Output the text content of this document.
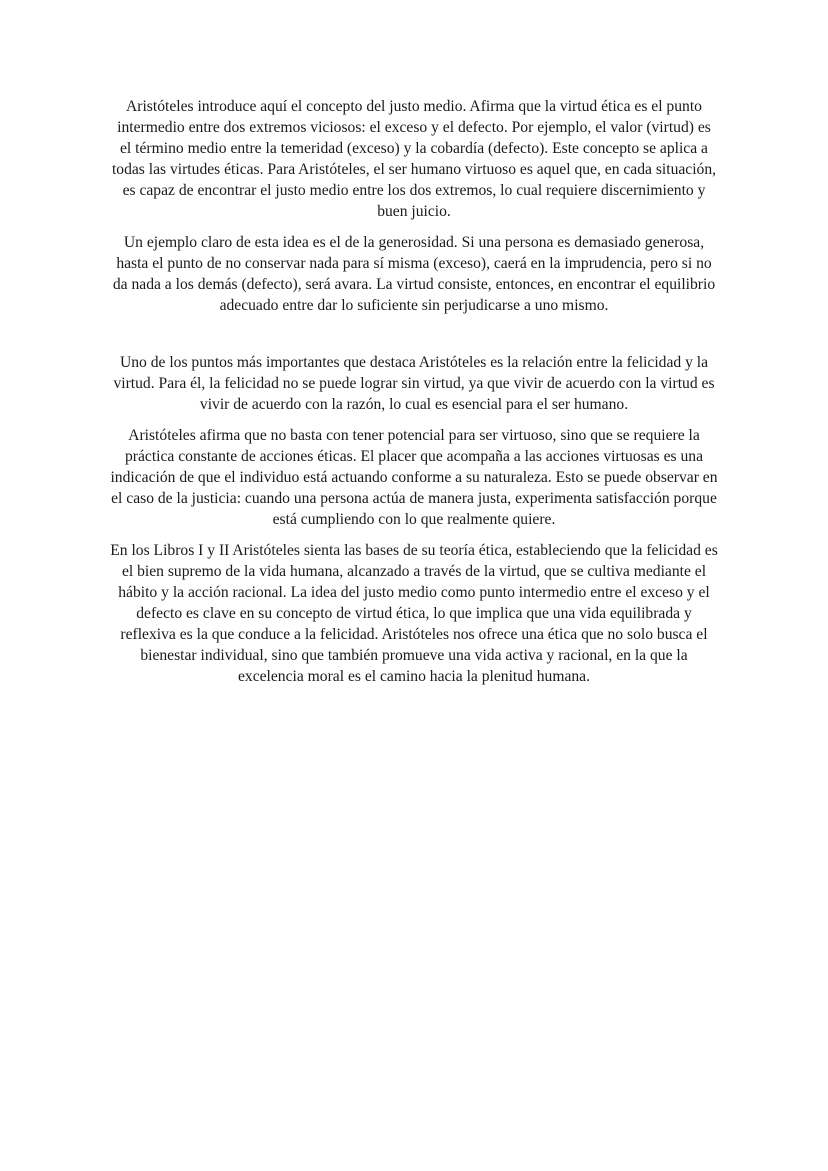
Aristóteles introduce aquí el concepto del justo medio. Afirma que la virtud ética es el punto intermedio entre dos extremos viciosos: el exceso y el defecto. Por ejemplo, el valor (virtud) es el término medio entre la temeridad (exceso) y la cobardía (defecto). Este concepto se aplica a todas las virtudes éticas. Para Aristóteles, el ser humano virtuoso es aquel que, en cada situación, es capaz de encontrar el justo medio entre los dos extremos, lo cual requiere discernimiento y buen juicio.

Un ejemplo claro de esta idea es el de la generosidad. Si una persona es demasiado generosa, hasta el punto de no conservar nada para sí misma (exceso), caerá en la imprudencia, pero si no da nada a los demás (defecto), será avara. La virtud consiste, entonces, en encontrar el equilibrio adecuado entre dar lo suficiente sin perjudicarse a uno mismo.

Uno de los puntos más importantes que destaca Aristóteles es la relación entre la felicidad y la virtud. Para él, la felicidad no se puede lograr sin virtud, ya que vivir de acuerdo con la virtud es vivir de acuerdo con la razón, lo cual es esencial para el ser humano.

Aristóteles afirma que no basta con tener potencial para ser virtuoso, sino que se requiere la práctica constante de acciones éticas. El placer que acompaña a las acciones virtuosas es una indicación de que el individuo está actuando conforme a su naturaleza. Esto se puede observar en el caso de la justicia: cuando una persona actúa de manera justa, experimenta satisfacción porque está cumpliendo con lo que realmente quiere.

En los Libros I y II Aristóteles sienta las bases de su teoría ética, estableciendo que la felicidad es el bien supremo de la vida humana, alcanzado a través de la virtud, que se cultiva mediante el hábito y la acción racional. La idea del justo medio como punto intermedio entre el exceso y el defecto es clave en su concepto de virtud ética, lo que implica que una vida equilibrada y reflexiva es la que conduce a la felicidad. Aristóteles nos ofrece una ética que no solo busca el bienestar individual, sino que también promueve una vida activa y racional, en la que la excelencia moral es el camino hacia la plenitud humana.
